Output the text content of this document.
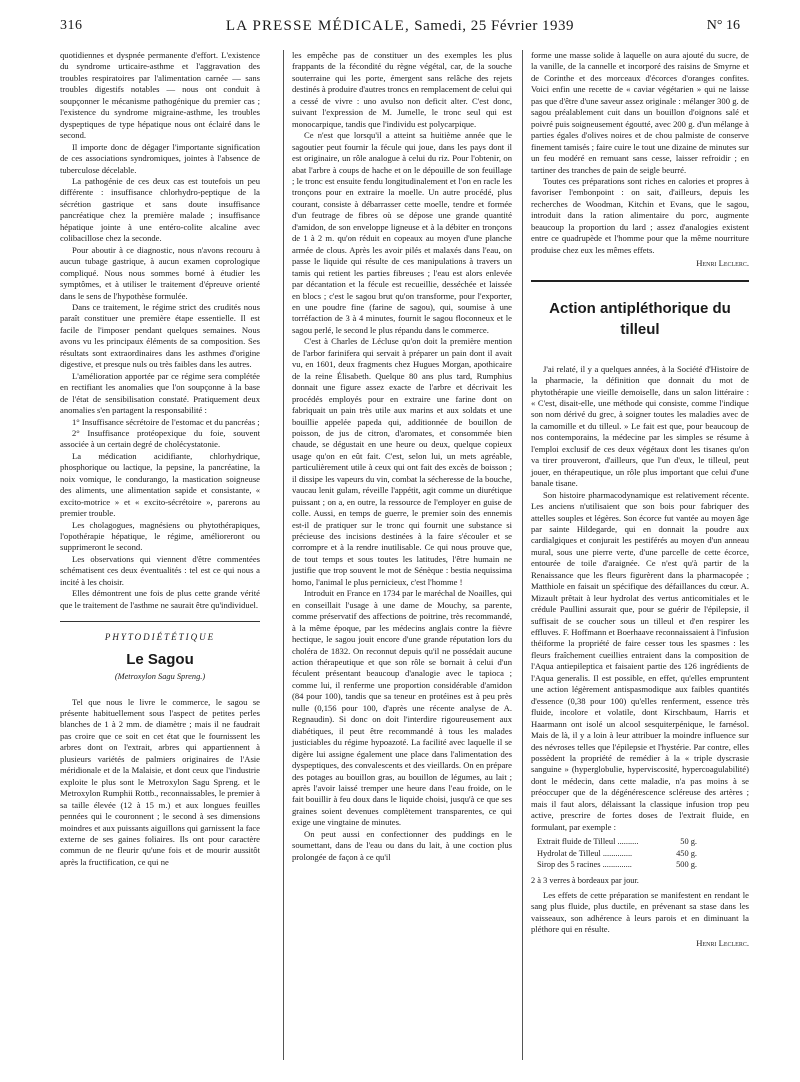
316	LA PRESSE MÉDICALE, Samedi, 25 Février 1939	N° 16

quotidiennes et dyspnée permanente d'effort. L'existence du syndrome urticaire-asthme et l'aggravation des troubles respiratoires par l'alimentation carnée — sans troubles digestifs notables — nous ont conduit à soupçonner le mécanisme pathogénique du premier cas ; l'existence du syndrome migraine-asthme, les troubles dyspeptiques de type hépatique nous ont éclairé dans le second.

Il importe donc de dégager l'importante signification de ces associations syndromiques, jointes à l'absence de tuberculose décelable.

La pathogénie de ces deux cas est toutefois un peu différente : insuffisance chlorhydro-peptique de la sécrétion gastrique et sans doute insuffisance pancréatique chez la première malade ; insuffisance hépatique jointe à une entéro-colite alcaline avec colibacillose chez la seconde.

Pour aboutir à ce diagnostic, nous n'avons recouru à aucun tubage gastrique, à aucun examen coprologique compliqué. Nous nous sommes borné à étudier les symptômes, et à utiliser le traitement d'épreuve orienté dans le sens de l'hypothèse formulée.

Dans ce traitement, le régime strict des crudités nous paraît constituer une première étape essentielle. Il est facile de l'imposer pendant quelques semaines. Nous avons vu les principaux éléments de sa composition. Ses résultats sont extraordinaires dans les asthmes d'origine digestive, et presque nuls ou très faibles dans les autres.

L'amélioration apportée par ce régime sera complétée en rectifiant les anomalies que l'on soupçonne à la base de l'état de sensibilisation constaté. Pratiquement deux anomalies s'en partagent la responsabilité :

1° Insuffisance sécrétoire de l'estomac et du pancréas ;

2° Insuffisance protéopexique du foie, souvent associée à un certain degré de cholécystatonie.

La médication acidifiante, chlorhydrique, phosphorique ou lactique, la pepsine, la pancréatine, la noix vomique, le condurango, la mastication soigneuse des aliments, une alimentation sapide et consistante, « excito-motrice » et « excito-sécrétoire », parerons au premier trouble.

Les cholagogues, magnésiens ou phytothérapiques, l'opothérapie hépatique, le régime, amélioreront ou supprimeront le second.

Les observations qui viennent d'être commentées schématisent ces deux éventualités : tel est ce qui nous a incité à les choisir.

Elles démontrent une fois de plus cette grande vérité que le traitement de l'asthme ne saurait être qu'individuel.

PHYTODIÉTÉTIQUE
Le Sagou
(Metroxylon Sagu Spreng.)

Tel que nous le livre le commerce, le sagou se présente habituellement sous l'aspect de petites perles blanches de 1 à 2 mm. de diamètre ; mais il ne faudrait pas croire que ce soit en cet état que le fournissent les arbres dont on l'extrait, arbres qui appartiennent à plusieurs variétés de palmiers originaires de l'Asie méridionale et de la Malaisie, et dont ceux que l'industrie exploite le plus sont le Metroxylon Sagu Spreng. et le Metroxylon Rumphii Rottb., reconnaissables, le premier à sa taille élevée (12 à 15 m.) et aux longues feuilles pennées qui le couronnent ; le second à ses dimensions moindres et aux puissants aiguillons qui garnissent la face externe de ses gaines foliaires. Ils ont pour caractère commun de ne fleurir qu'une fois et de mourir aussitôt après la fructification, ce qui ne

les empêche pas de constituer un des exemples les plus frappants de la fécondité du règne végétal, car, de la souche souterraine qui les porte, émergent sans relâche des rejets destinés à produire d'autres troncs en remplacement de celui qui a cessé de vivre : uno avulso non deficit alter. C'est donc, suivant l'expression de M. Jumelle, le tronc seul qui est monocarpique, tandis que l'individu est polycarpique.

Ce n'est que lorsqu'il a atteint sa huitième année que le sagoutier peut fournir la fécule qui joue, dans les pays dont il est originaire, un rôle analogue à celui du riz. Pour l'obtenir, on abat l'arbre à coups de hache et on le dépouille de son feuillage ; le tronc est ensuite fendu longitudinalement et l'on en racle les tronçons pour en extraire la moelle. Un autre procédé, plus courant, consiste à débarrasser cette moelle, tendre et formée d'un feutrage de fibres où se dépose une grande quantité d'amidon, de son enveloppe ligneuse et à la débiter en tronçons de 1 à 2 m. qu'on réduit en copeaux au moyen d'une planche armée de clous. Après les avoir pilés et malaxés dans l'eau, on passe le liquide qui résulte de ces manipulations à travers un tamis qui retient les parties fibreuses ; l'eau est alors enlevée par décantation et la fécule est recueillie, desséchée et laissée en blocs ; c'est le sagou brut qu'on transforme, pour l'exporter, en une poudre fine (farine de sagou), qui, soumise à une torréfaction de 3 à 4 minutes, fournit le sagou floconneux et le sagou perlé, le second le plus répandu dans le commerce.

C'est à Charles de Lécluse qu'on doit la première mention de l'arbor farinifera qui servait à préparer un pain dont il avait vu, en 1601, deux fragments chez Hugues Morgan, apothicaire de la reine Élisabeth. Quelque 80 ans plus tard, Rumphius donnait une figure assez exacte de l'arbre et décrivait les procédés employés pour en extraire une farine dont on fabriquait un pain très utile aux marins et aux soldats et une bouillie appelée papeda qui, additionnée de bouillon de poisson, de jus de citron, d'aromates, et consommée bien chaude, se dégustait en une heure ou deux, quelque copieux usage qu'on en eût fait. C'est, selon lui, un mets agréable, particulièrement utile à ceux qui ont fait des excès de boisson ; il dissipe les vapeurs du vin, combat la sécheresse de la bouche, vaucau lenit gulam, réveille l'appétit, agit comme un diurétique puissant ; on a, en outre, la ressource de l'employer en guise de colle. Aussi, en temps de guerre, le premier soin des ennemis est-il de pratiquer sur le tronc qui fournit une substance si précieuse des incisions destinées à la faire s'écouler et se corrompre et à la rendre inutilisable. Ce qui nous prouve que, de tout temps et sous toutes les latitudes, l'être humain ne justifie que trop souvent le mot de Sénèque : bestia nequissima homo, l'animal le plus pernicieux, c'est l'homme !

Introduit en France en 1734 par le maréchal de Noailles, qui en conseillait l'usage à une dame de Mouchy, sa parente, comme préservatif des affections de poitrine, très recommandé, à la même époque, par les médecins anglais contre la fièvre hectique, le sagou jouit encore d'une grande réputation lors du choléra de 1832. On reconnut depuis qu'il ne possédait aucune action thérapeutique et que son rôle se bornait à celui d'un féculent présentant beaucoup d'analogie avec le tapioca ; comme lui, il renferme une proportion considérable d'amidon (84 pour 100), tandis que sa teneur en protéines est à peu près nulle (0,156 pour 100, d'après une récente analyse de A. Regnaudin). Si donc on doit l'interdire rigoureusement aux diabétiques, il peut être recommandé à tous les malades justiciables du régime hypoazoté. La facilité avec laquelle il se digère lui assigne également une place dans l'alimentation des dyspeptiques, des convalescents et des vieillards. On en prépare des potages au bouillon gras, au bouillon de légumes, au lait ; après l'avoir laissé tremper une heure dans l'eau froide, on le fait bouillir à feu doux dans le liquide choisi, jusqu'à ce que ses graines soient devenues complètement transparentes, ce qui exige une vingtaine de minutes.

On peut aussi en confectionner des puddings en le soumettant, dans de l'eau ou dans du lait, à une coction plus prolongée de façon à ce qu'il

forme une masse solide à laquelle on aura ajouté du sucre, de la vanille, de la cannelle et incorporé des raisins de Smyrne et de Corinthe et des morceaux d'écorces d'oranges confites. Voici enfin une recette de « caviar végétarien » qui ne laisse pas que d'être d'une saveur assez originale : mélanger 300 g. de sagou préalablement cuit dans un bouillon d'oignons salé et poivré puis soigneusement égoutté, avec 200 g. d'un mélange à parties égales d'olives noires et de chou palmiste de conserve finement tamisés ; faire cuire le tout une dizaine de minutes sur un feu modéré en remuant sans cesse, laisser refroidir ; en tartiner des tranches de pain de seigle beurré.

Toutes ces préparations sont riches en calories et propres à favoriser l'embonpoint : on sait, d'ailleurs, depuis les recherches de Woodman, Kitchin et Evans, que le sagou, introduit dans la ration alimentaire du porc, augmente beaucoup la proportion du lard ; assez d'analogies existent entre ce quadrupède et l'homme pour que la même nourriture produise chez eux les mêmes effets.

Henri Leclerc.
Action antipléthorique du tilleul

J'ai relaté, il y a quelques années, à la Société d'Histoire de la pharmacie, la définition que donnait du mot de phytothérapie une vieille demoiselle, dans un salon littéraire : « C'est, disait-elle, une méthode qui consiste, comme l'indique son nom dérivé du grec, à soigner toutes les maladies avec de la camomille et du tilleul. » Le fait est que, pour beaucoup de nos contemporains, la médecine par les simples se résume à l'emploi exclusif de ces deux végétaux dont les tisanes qu'on va tirer prouveront, d'ailleurs, que l'un d'eux, le tilleul, peut jouer, en thérapeutique, un rôle plus important que celui d'une banale tisane.

Son histoire pharmacodynamique est relativement récente. Les anciens n'utilisaient que son bois pour fabriquer des attelles souples et légères. Son écorce fut vantée au moyen âge par sainte Hildegarde, qui en donnait la poudre aux cardialgiques et conjurait les pestiférés au moyen d'un anneau mural, sous une pierre verte, d'une parcelle de cette écorce, entourée de toile d'araignée. Ce n'est qu'à partir de la Renaissance que les fleurs figurèrent dans la pharmacopée ; Matthiole en faisait un spécifique des défaillances du cœur. A. Mizault prêtait à leur hydrolat des vertus anticomitiales et le crédule Paullini assurait que, pour se guérir de l'épilepsie, il suffisait de se coucher sous un tilleul et d'en respirer les effluves. F. Hoffmann et Boerhaave reconnaissaient à l'infusion théiforme la propriété de faire cesser tous les spasmes : les fleurs fraîchement cueillies entraient dans la composition de l'Aqua antiepileptica et faisaient partie des 126 ingrédients de l'Aqua generalis. Il est possible, en effet, qu'elles empruntent une action légèrement antispasmodique aux faibles quantités d'essence (0,38 pour 100) qu'elles renferment, essence très fluide, incolore et volatile, dont Kirschbaum, Harris et Haarmann ont isolé un alcool sesquiterpénique, le farnésol. Mais de là, il y a loin à leur attribuer la moindre influence sur des névroses telles que l'épilepsie et l'hystérie. Par contre, elles possèdent la propriété de remédier à la « triple dyscrasie sanguine » (hyperglobulie, hyperviscosité, hypercoagulabilité) dont le médecin, dans cette maladie, n'a pas moins à se préoccuper que de la dégénérescence scléreuse des artères ; mais il faut alors, délaissant la classique infusion trop peu active, prescrire de fortes doses de l'extrait fluide, en formulant, par exemple :

Extrait fluide de Tilleul ..........	50 g.
Hydrolat de Tilleul ..............	450 g.
Sirop des 5 racines ..............	500 g.
2 à 3 verres à bordeaux par jour.

Les effets de cette préparation se manifestent en rendant le sang plus fluide, plus ductile, en prévenant sa stase dans les vaisseaux, son adhérence à leurs parois et en diminuant la pléthore qui en résulte.

Henri Leclerc.
